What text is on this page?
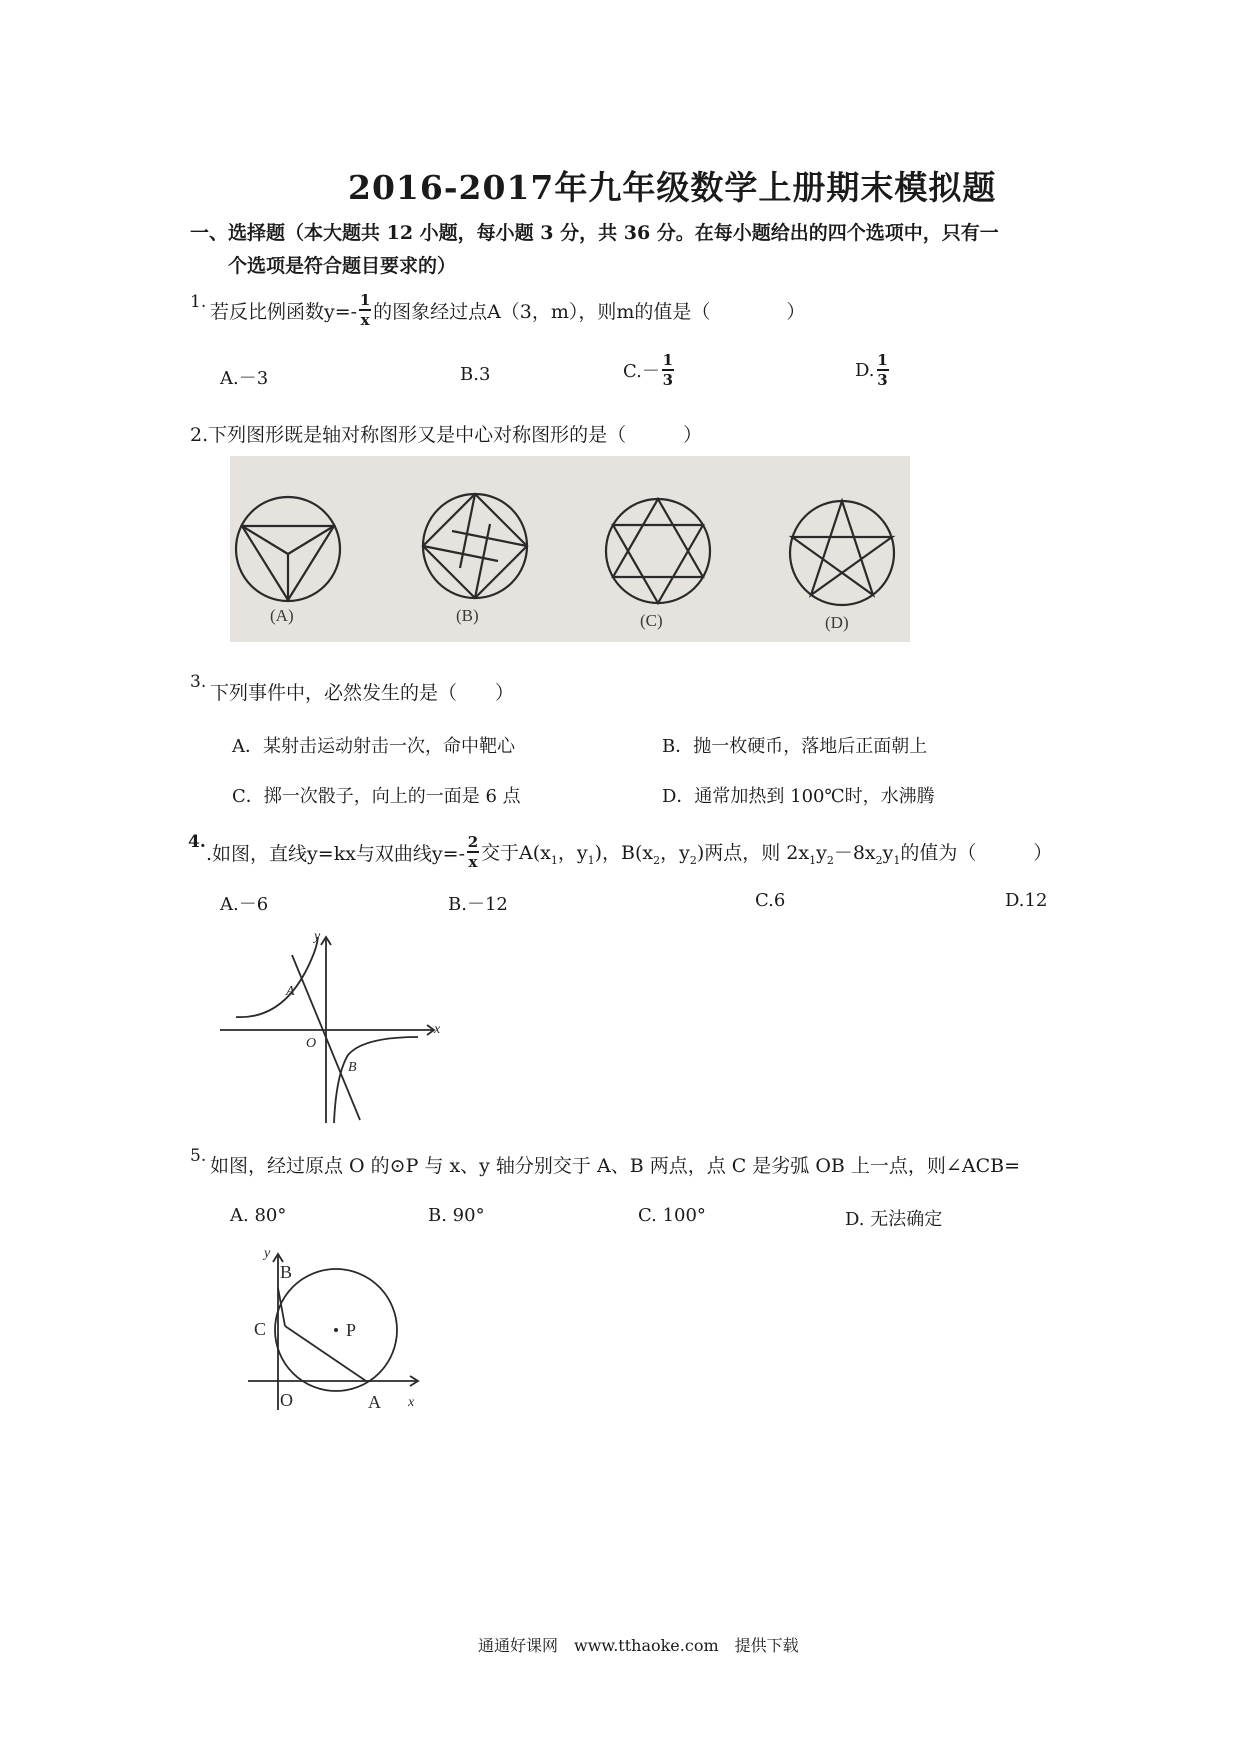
2016-2017年九年级数学上册期末模拟题
一、选择题（本大题共 12 小题，每小题 3 分，共 36 分。在每小题给出的四个选项中，只有一
个选项是符合题目要求的）
1. 若反比例函数$y=- \frac{1}{x}$ 的图象经过点A（3，m），则m的值是（　　　　）
A.－3	B.3	$C.- \frac{1}{3}$	D. $\frac{1}{3}$
2.下列图形既是轴对称图形又是中心对称图形的是（　　　）
(A)	(B)	(C)	(D)
3. 下列事件中，必然发生的是（　　）
A．某射击运动射击一次，命中靶心	B．抛一枚硬币，落地后正面朝上
C．掷一次骰子，向上的一面是 6 点	D．通常加热到 100℃时，水沸腾
4.
.如图，直线y=kx与双曲线$y=- \frac{2}{x}$ 交于$A(x_1$，$y_1$)，$B(x_2$，$y_2$)两点，则 $2x_1y_2-8x_2y_1$的值为（　　　）
A.－6	B.－12	C.6	D.12
y
x
A
O
B
5. 如图，经过原点 O 的⊙P 与 x、y 轴分别交于 A、B 两点，点 C 是劣弧 OB 上一点，则∠ACB=
A. 80°	B. 90°	C. 100°	D. 无法确定
y
x
B
C	P
O	A
通通好课网　www.tthaoke.com　提供下载
